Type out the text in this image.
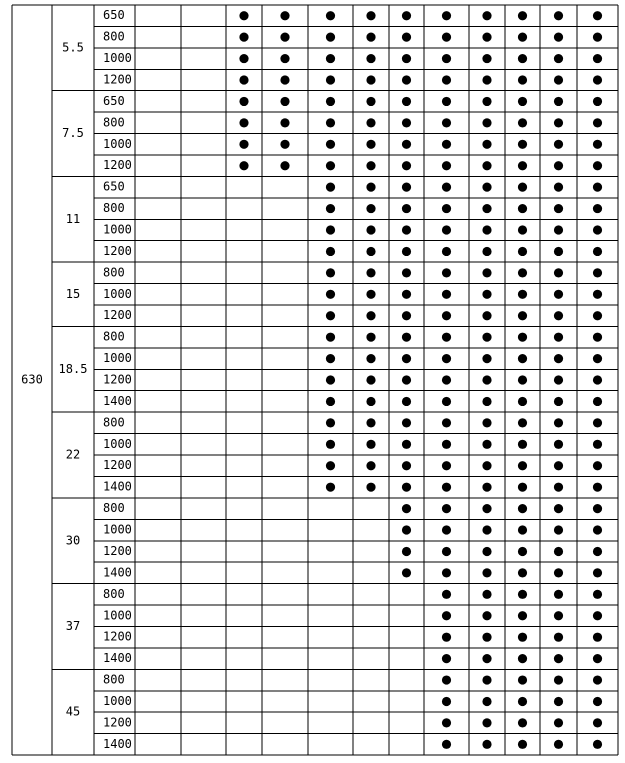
630
5.5
650
800
1000
1200
7.5
650
800
1000
1200
11
650
800
1000
1200
15
800
1000
1200
18.5
800
1000
1200
1400
22
800
1000
1200
1400
30
800
1000
1200
1400
37
800
1000
1200
1400
45
800
1000
1200
1400
